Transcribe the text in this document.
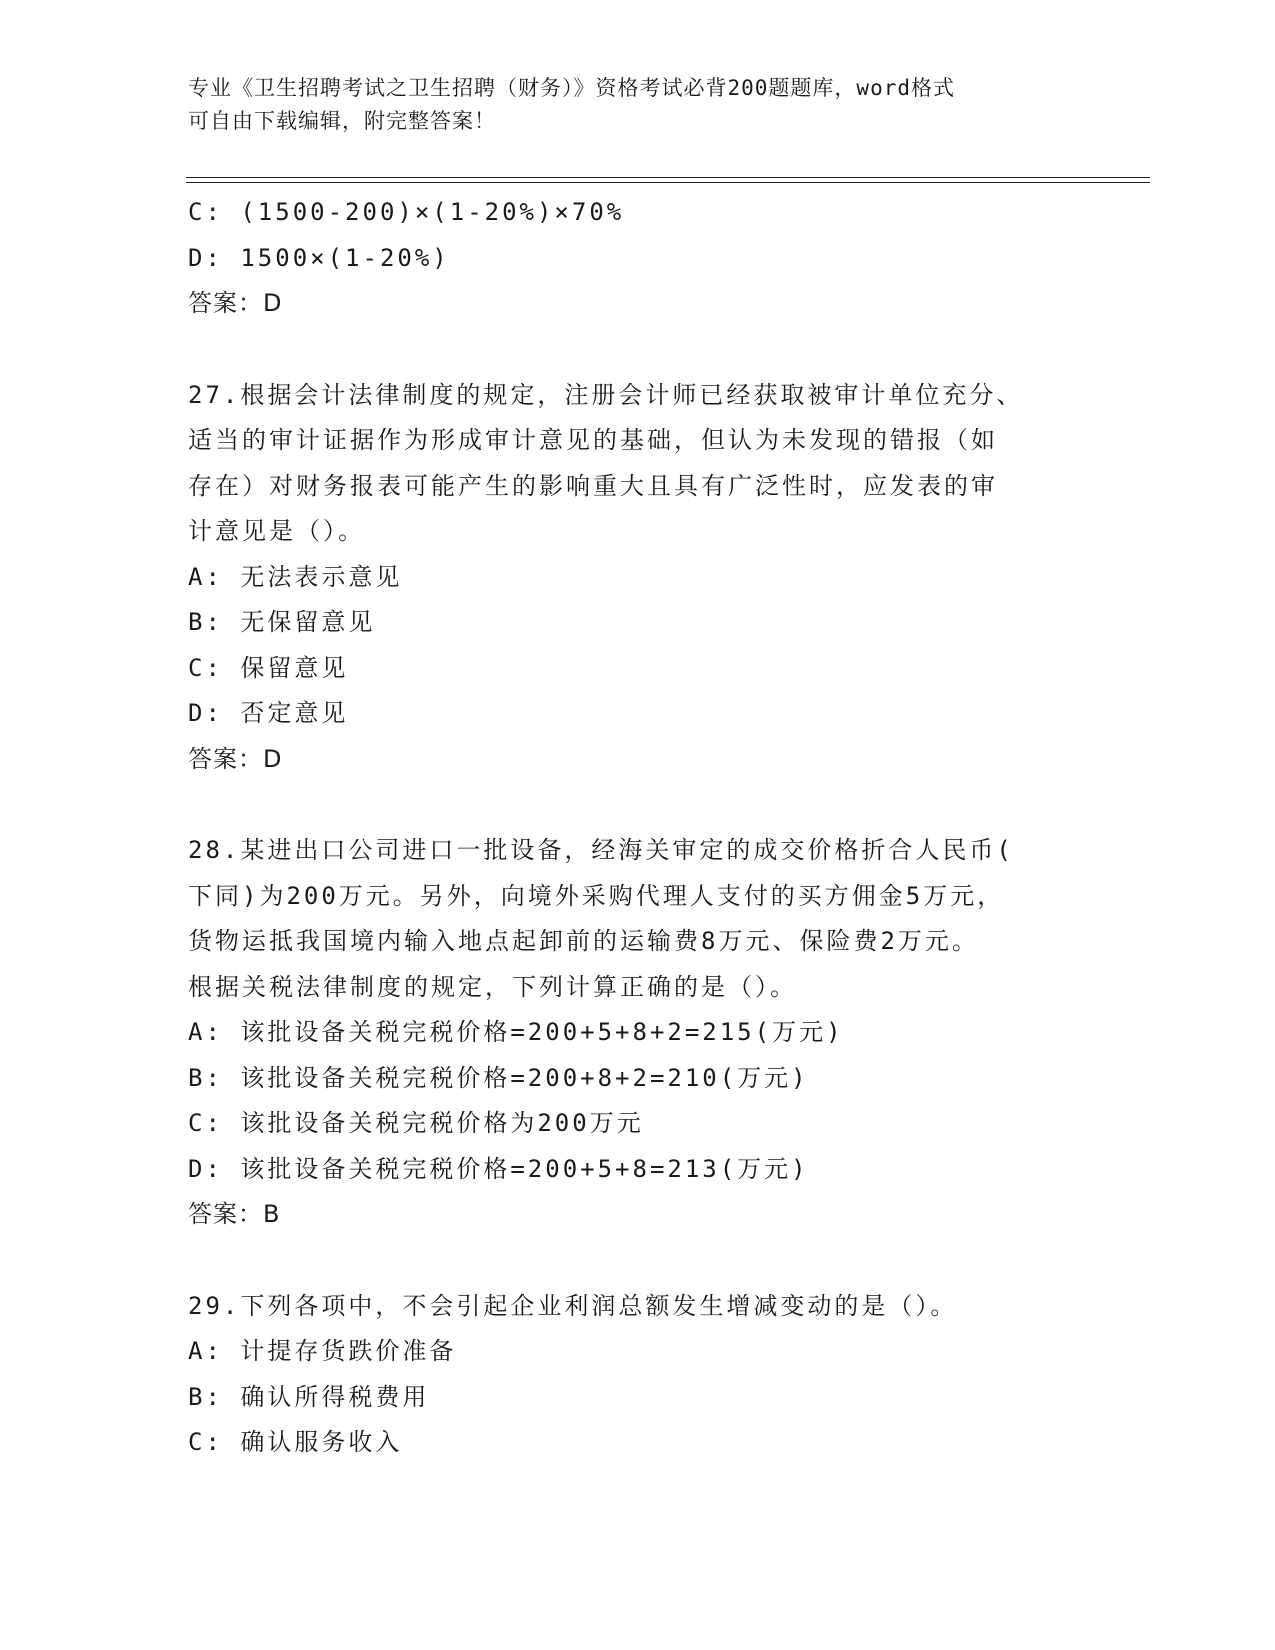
专业《卫生招聘考试之卫生招聘（财务）》资格考试必背200题题库，word格式
可自由下载编辑，附完整答案！
C: (1500-200)×(1-20%)×70%
D: 1500×(1-20%)
答案：D
27.根据会计法律制度的规定，注册会计师已经获取被审计单位充分、
适当的审计证据作为形成审计意见的基础，但认为未发现的错报（如
存在）对财务报表可能产生的影响重大且具有广泛性时，应发表的审
计意见是（）。
A: 无法表示意见
B: 无保留意见
C: 保留意见
D: 否定意见
答案：D
28.某进出口公司进口一批设备，经海关审定的成交价格折合人民币(
下同)为200万元。另外，向境外采购代理人支付的买方佣金5万元，
货物运抵我国境内输入地点起卸前的运输费8万元、保险费2万元。
根据关税法律制度的规定，下列计算正确的是（）。
A: 该批设备关税完税价格=200+5+8+2=215(万元)
B: 该批设备关税完税价格=200+8+2=210(万元)
C: 该批设备关税完税价格为200万元
D: 该批设备关税完税价格=200+5+8=213(万元)
答案：B
29.下列各项中，不会引起企业利润总额发生增减变动的是（）。
A: 计提存货跌价准备
B: 确认所得税费用
C: 确认服务收入
